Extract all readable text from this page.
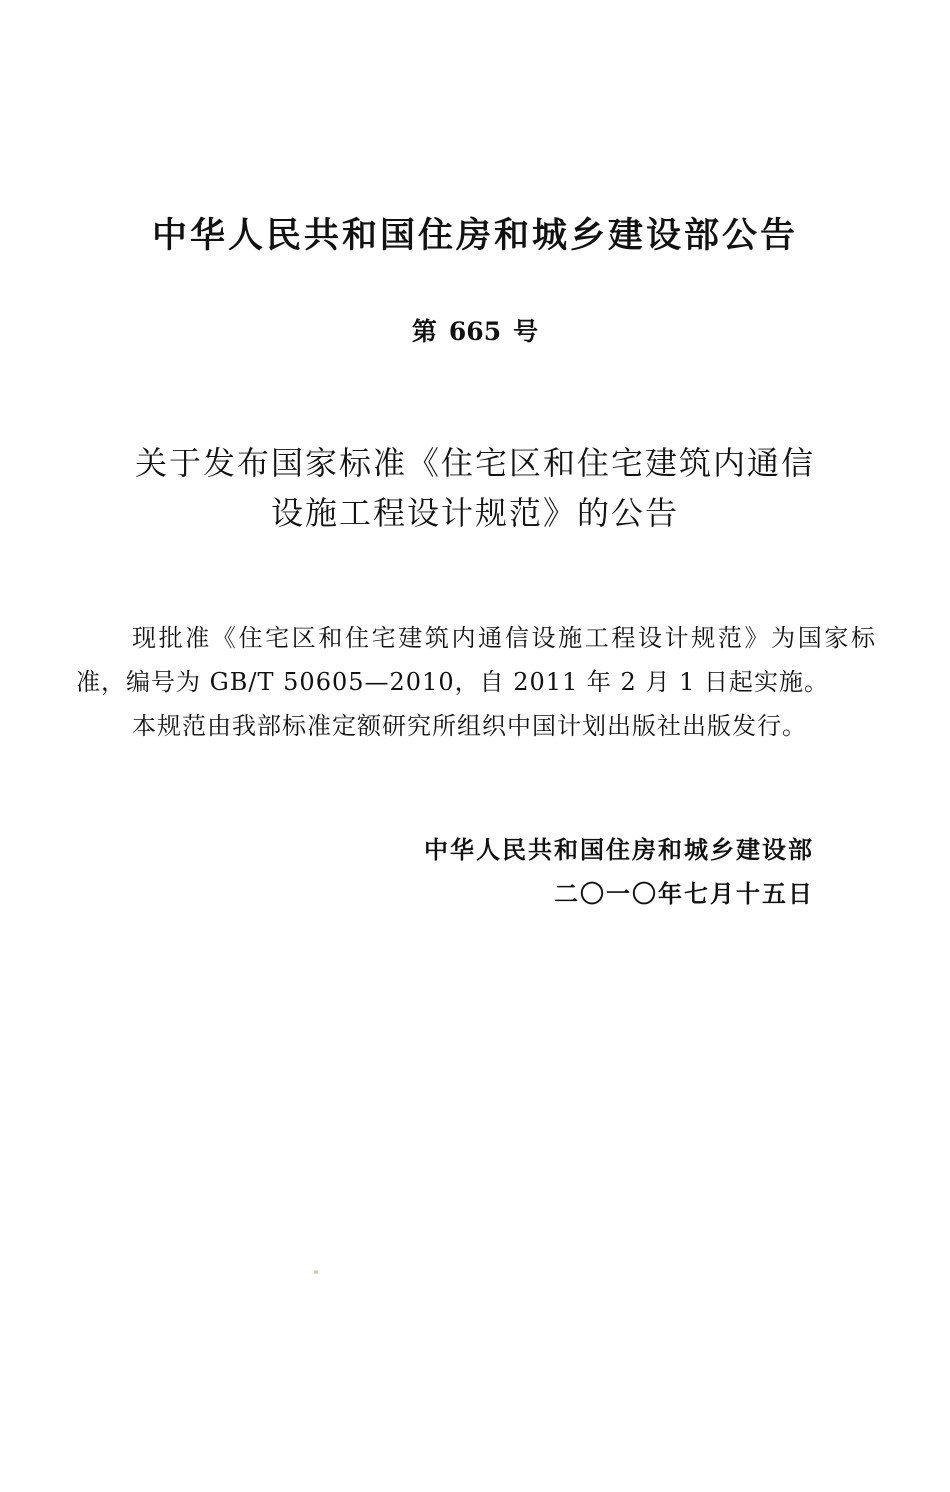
中华人民共和国住房和城乡建设部公告
第 665 号
关于发布国家标准《住宅区和住宅建筑内通信
设施工程设计规范》的公告

现批准《住宅区和住宅建筑内通信设施工程设计规范》为国家标准，编号为 GB/T 50605—2010，自 2011 年 2 月 1 日起实施。

本规范由我部标准定额研究所组织中国计划出版社出版发行。

中华人民共和国住房和城乡建设部
二〇一〇年七月十五日
